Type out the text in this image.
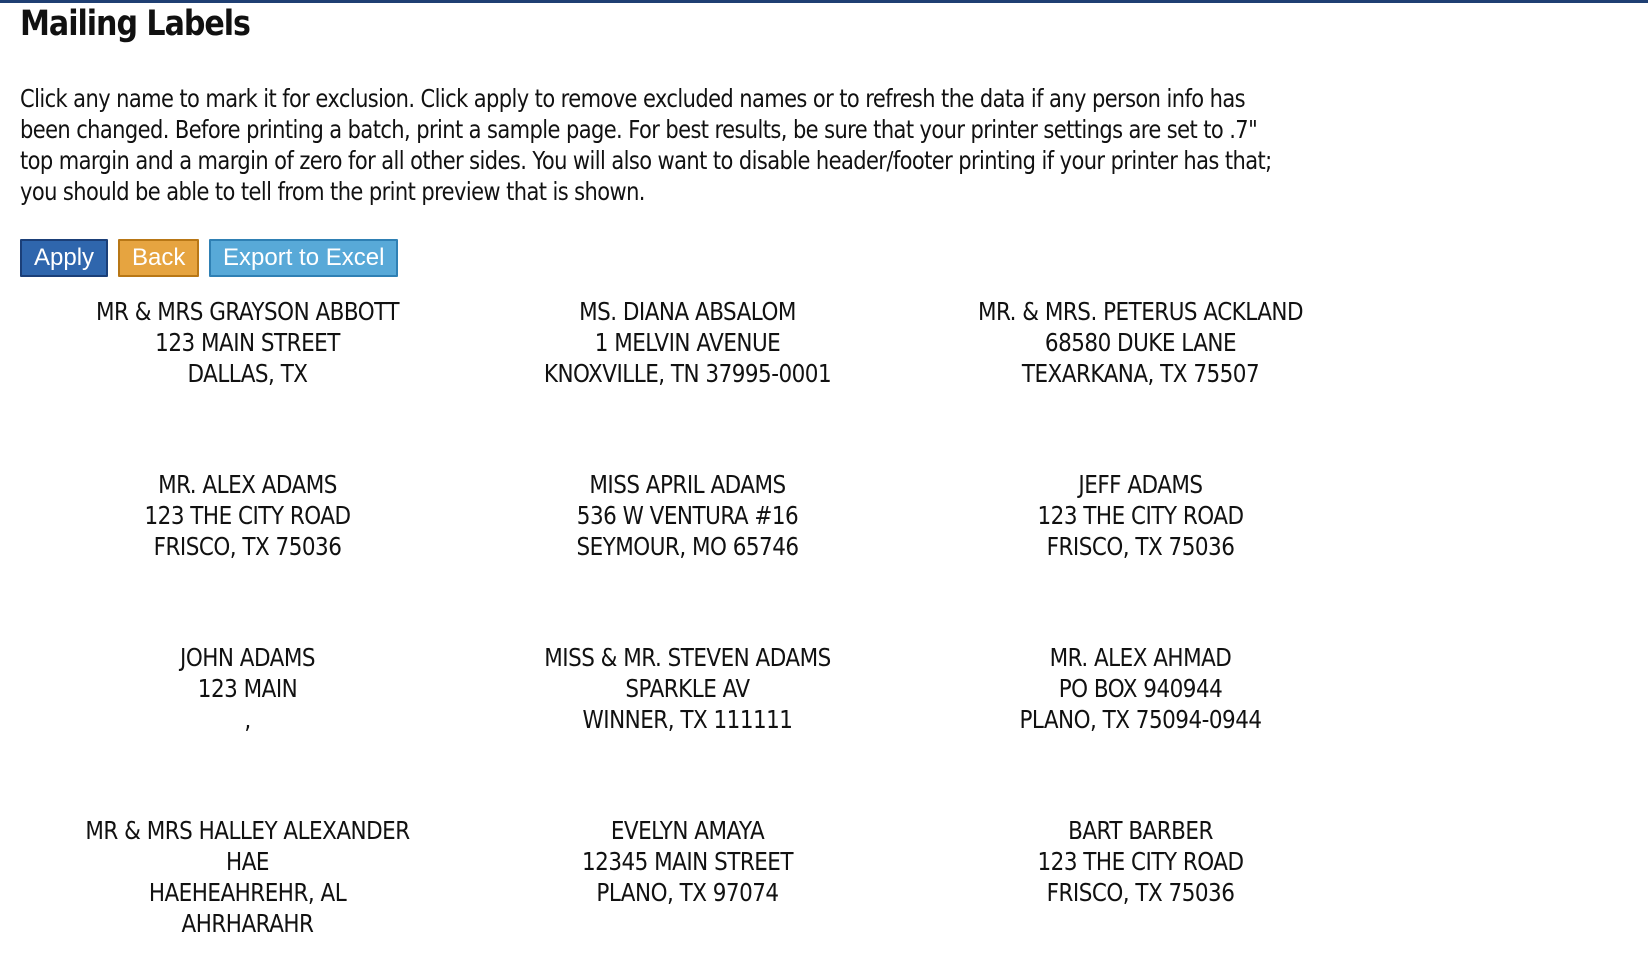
Mailing Labels
Click any name to mark it for exclusion. Click apply to remove excluded names or to refresh the data if any person info has been changed. Before printing a batch, print a sample page. For best results, be sure that your printer settings are set to .7" top margin and a margin of zero for all other sides. You will also want to disable header/footer printing if your printer has that; you should be able to tell from the print preview that is shown.
Apply	Back	Export to Excel
MR & MRS GRAYSON ABBOTT
123 MAIN STREET
DALLAS, TX
MS. DIANA ABSALOM
1 MELVIN AVENUE
KNOXVILLE, TN 37995-0001
MR. & MRS. PETERUS ACKLAND
68580 DUKE LANE
TEXARKANA, TX 75507
MR. ALEX ADAMS
123 THE CITY ROAD
FRISCO, TX 75036
MISS APRIL ADAMS
536 W VENTURA #16
SEYMOUR, MO 65746
JEFF ADAMS
123 THE CITY ROAD
FRISCO, TX 75036
JOHN ADAMS
123 MAIN
,
MISS & MR. STEVEN ADAMS
SPARKLE AV
WINNER, TX 111111
MR. ALEX AHMAD
PO BOX 940944
PLANO, TX 75094-0944
MR & MRS HALLEY ALEXANDER
HAE
HAEHEAHREHR, AL
AHRHARAHR
EVELYN AMAYA
12345 MAIN STREET
PLANO, TX 97074
BART BARBER
123 THE CITY ROAD
FRISCO, TX 75036
